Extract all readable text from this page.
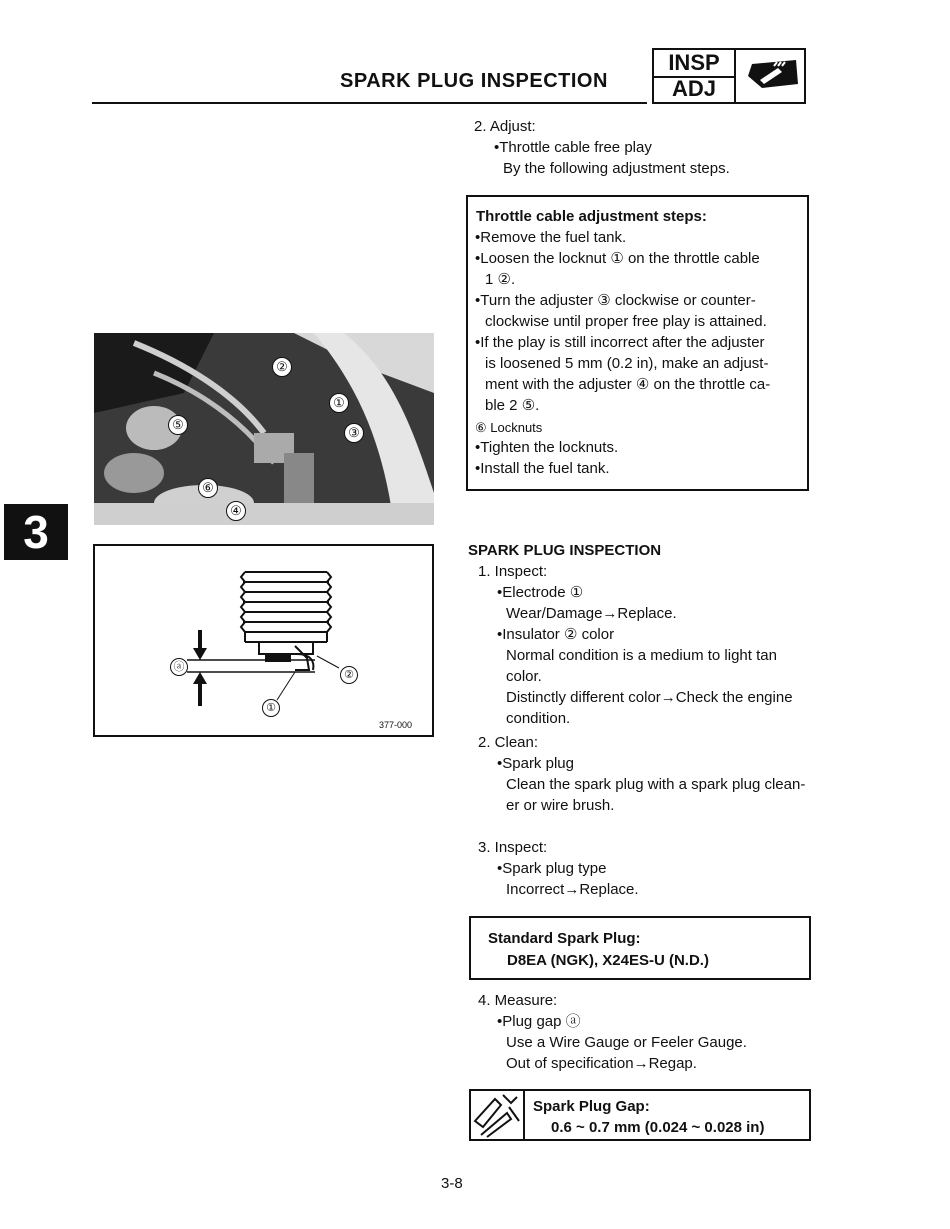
SPARK PLUG INSPECTION
INSP
ADJ
3
2. Adjust:
•Throttle cable free play
By the following adjustment steps.
Throttle cable adjustment steps:
•Remove the fuel tank.
•Loosen the locknut ① on the throttle cable
1 ②.
•Turn the adjuster ③ clockwise or counter-
clockwise until proper free play is attained.
•If the play is still incorrect after the adjuster
is loosened 5 mm (0.2 in), make an adjust-
ment with the adjuster ④ on the throttle ca-
ble 2 ⑤.
⑥ Locknuts
•Tighten the locknuts.
•Install the fuel tank.
②
①
③
⑤
⑥
④
ⓐ
②
①
377-000
SPARK PLUG INSPECTION
1. Inspect:
•Electrode ①
Wear/Damage→Replace.
•Insulator ② color
Normal condition is a medium to light tan
color.
Distinctly different color→Check the engine
condition.
2. Clean:
•Spark plug
Clean the spark plug with a spark plug clean-
er or wire brush.
3. Inspect:
•Spark plug type
Incorrect→Replace.
Standard Spark Plug:
D8EA (NGK), X24ES-U (N.D.)
4. Measure:
•Plug gap ⓐ
Use a Wire Gauge or Feeler Gauge.
Out of specification→Regap.
Spark Plug Gap:
0.6 ~ 0.7 mm (0.024 ~ 0.028 in)
3-8
